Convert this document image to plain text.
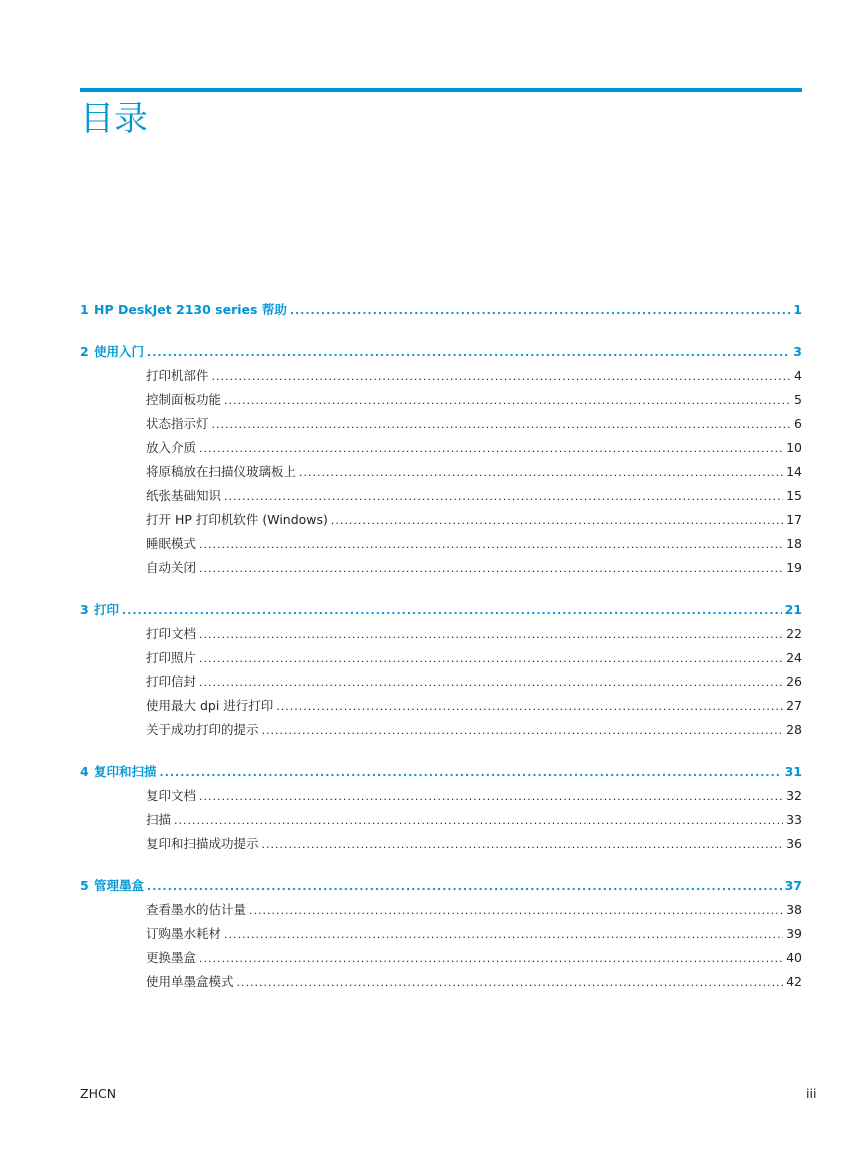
目录
1 HP DeskJet 2130 series 帮助 .....	1
2 使用入门 .....	3
打印机部件 .....	4
控制面板功能 .....	5
状态指示灯 .....	6
放入介质 .....	10
将原稿放在扫描仪玻璃板上 .....	14
纸张基础知识 .....	15
打开 HP 打印机软件 (Windows) .....	17
睡眠模式 .....	18
自动关闭 .....	19
3 打印 .....	21
打印文档 .....	22
打印照片 .....	24
打印信封 .....	26
使用最大 dpi 进行打印 .....	27
关于成功打印的提示 .....	28
4 复印和扫描 .....	31
复印文档 .....	32
扫描 .....	33
复印和扫描成功提示 .....	36
5 管理墨盒 .....	37
查看墨水的估计量 .....	38
订购墨水耗材 .....	39
更换墨盒 .....	40
使用单墨盒模式 .....	42
ZHCN	iii
